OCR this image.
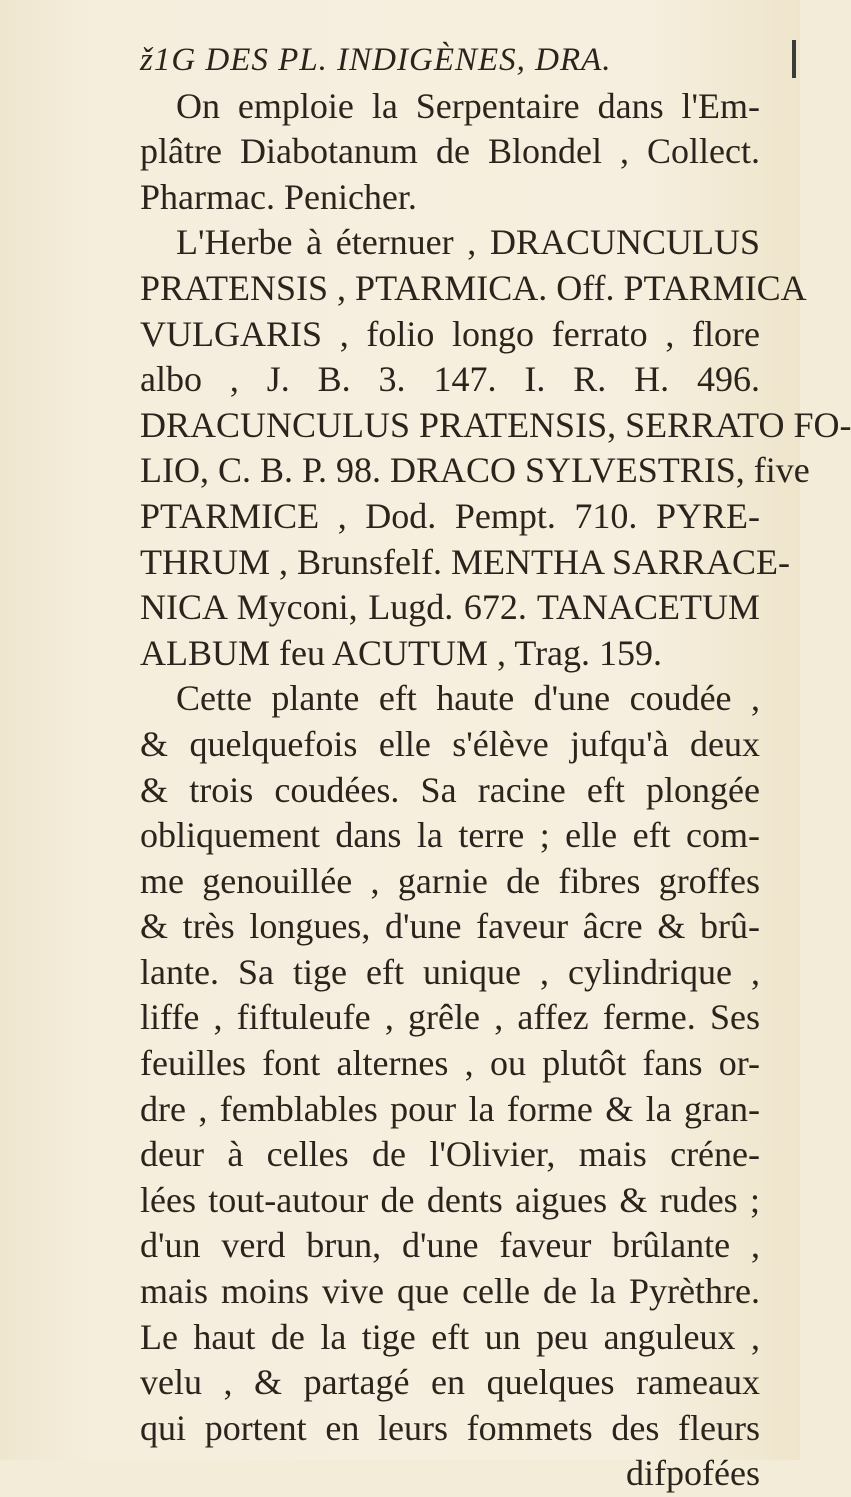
ž1G DES PL. INDIGÈNES, DRA.
On emploie la Serpentaire dans l'Em-
plâtre Diabotanum de Blondel , Collect.
Pharmac. Penicher.
L'Herbe à éternuer , DRACUNCULUS
PRATENSIS , PTARMICA. Off. PTARMICA
VULGARIS , folio longo ferrato , flore
albo , J. B. 3. 147. I. R. H. 496.
DRACUNCULUS PRATENSIS, SERRATO FO-
LIO, C. B. P. 98. DRACO SYLVESTRIS, five
PTARMICE , Dod. Pempt. 710. PYRE-
THRUM , Brunsfelf. MENTHA SARRACE-
NICA Myconi, Lugd. 672. TANACETUM
ALBUM feu ACUTUM , Trag. 159.
Cette plante eft haute d'une coudée ,
& quelquefois elle s'élève jufqu'à deux
& trois coudées. Sa racine eft plongée
obliquement dans la terre ; elle eft com-
me genouillée , garnie de fibres groffes
& très longues, d'une faveur âcre & brû-
lante. Sa tige eft unique , cylindrique ,
liffe , fiftuleufe , grêle , affez ferme. Ses
feuilles font alternes , ou plutôt fans or-
dre , femblables pour la forme & la gran-
deur à celles de l'Olivier, mais créne-
lées tout-autour de dents aigues & rudes ;
d'un verd brun, d'une faveur brûlante ,
mais moins vive que celle de la Pyrèthre.
Le haut de la tige eft un peu anguleux ,
velu , & partagé en quelques rameaux
qui portent en leurs fommets des fleurs
difpofées
